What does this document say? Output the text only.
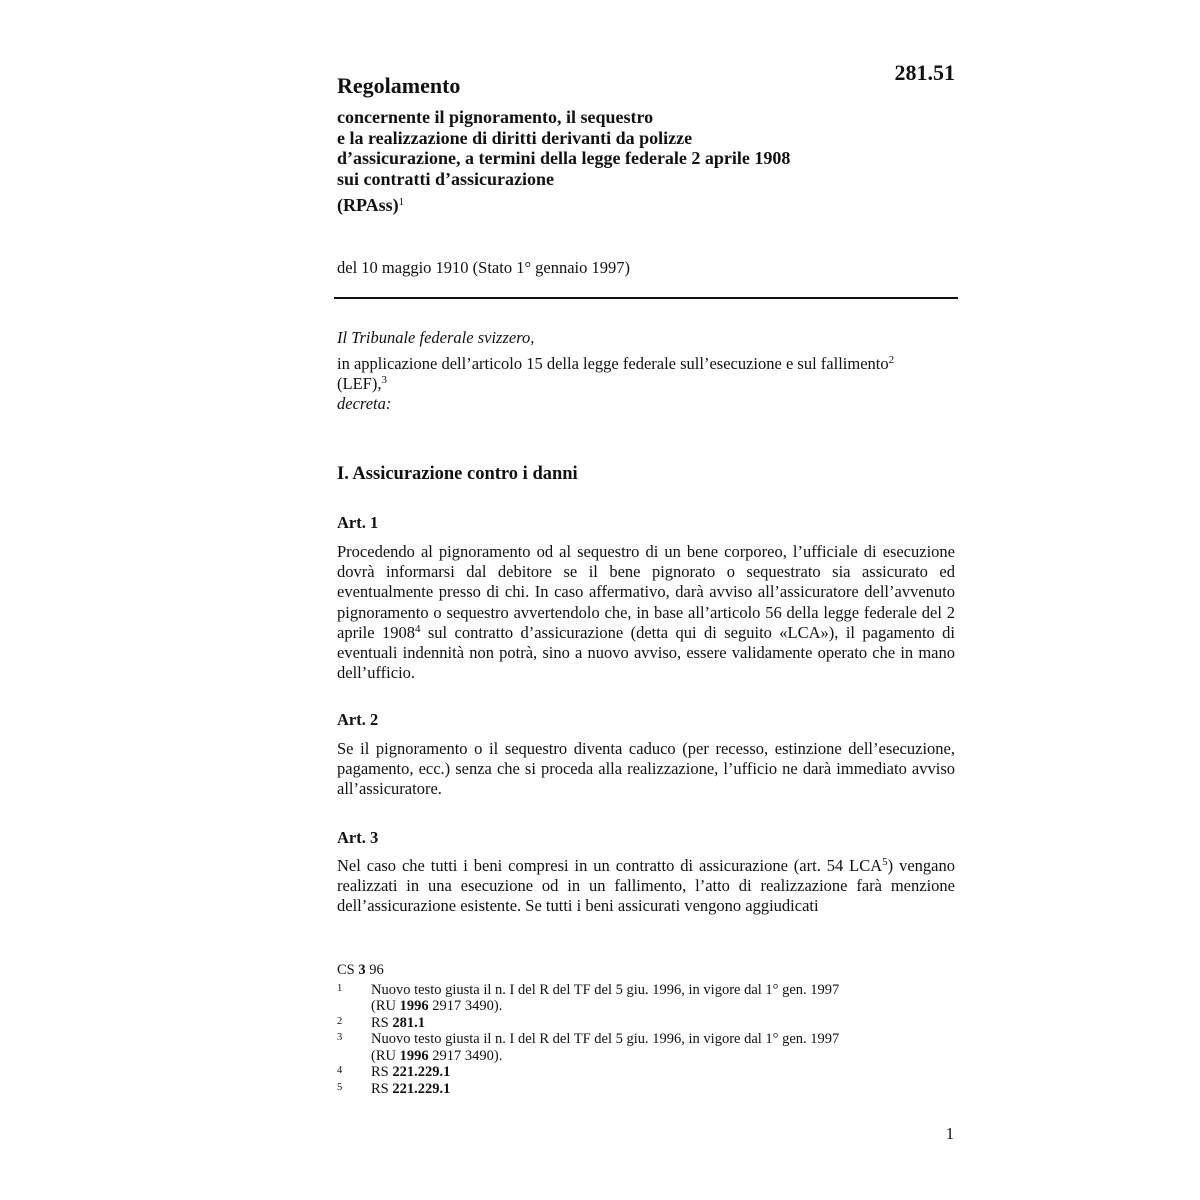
281.51
Regolamento
concernente il pignoramento, il sequestro
e la realizzazione di diritti derivanti da polizze
d’assicurazione, a termini della legge federale 2 aprile 1908
sui contratti d’assicurazione
(RPAss)$^1$
del 10 maggio 1910 (Stato 1° gennaio 1997)
Il Tribunale federale svizzero,
in applicazione dell’articolo 15 della legge federale sull’esecuzione e sul fallimento$^2$
(LEF),$^3$
decreta:
I. Assicurazione contro i danni
Art. 1
Procedendo al pignoramento od al sequestro di un bene corporeo, l’ufficiale di esecuzione dovrà informarsi dal debitore se il bene pignorato o sequestrato sia assicurato ed eventualmente presso di chi. In caso affermativo, darà avviso all’assicuratore dell’avvenuto pignoramento o sequestro avvertendolo che, in base all’articolo 56 della legge federale del 2 aprile 1908$^4$ sul contratto d’assicurazione (detta qui di seguito «LCA»), il pagamento di eventuali indennità non potrà, sino a nuovo avviso, essere validamente operato che in mano dell’ufficio.
Art. 2
Se il pignoramento o il sequestro diventa caduco (per recesso, estinzione dell’esecuzione, pagamento, ecc.) senza che si proceda alla realizzazione, l’ufficio ne darà immediato avviso all’assicuratore.
Art. 3
Nel caso che tutti i beni compresi in un contratto di assicurazione (art. 54 LCA$^5$) vengano realizzati in una esecuzione od in un fallimento, l’atto di realizzazione farà menzione dell’assicurazione esistente. Se tutti i beni assicurati vengono aggiudicati
CS 3 96
1	Nuovo testo giusta il n. I del R del TF del 5 giu. 1996, in vigore dal 1° gen. 1997
(RU 1996 2917 3490).
2	RS 281.1
3	Nuovo testo giusta il n. I del R del TF del 5 giu. 1996, in vigore dal 1° gen. 1997
(RU 1996 2917 3490).
4	RS 221.229.1
5	RS 221.229.1
1
